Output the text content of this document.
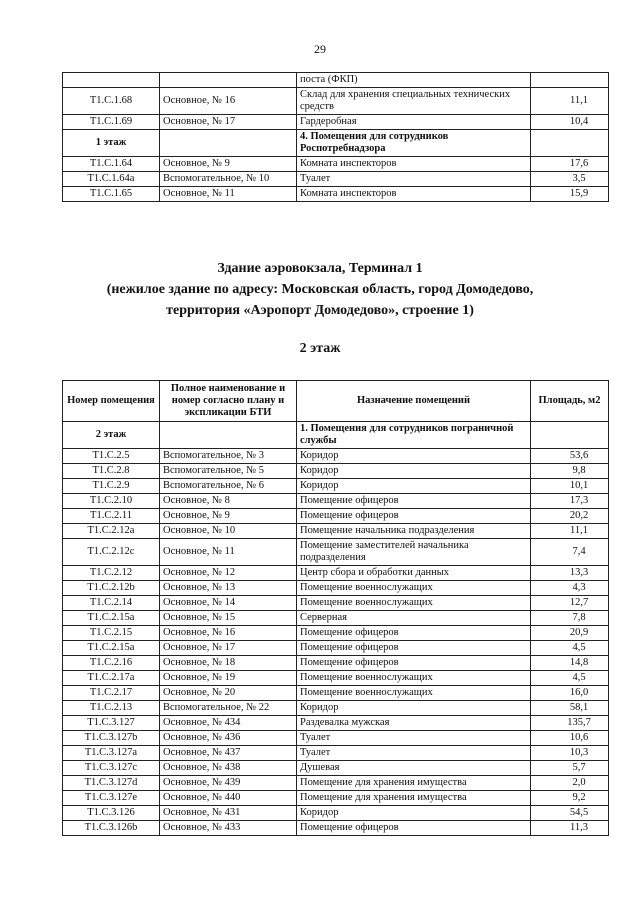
29
		поста (ФКП)	
Т1.С.1.68	Основное, № 16	Склад для хранения специальных технических средств	11,1
Т1.С.1.69	Основное, № 17	Гардеробная	10,4
1 этаж		4. Помещения для сотрудников Роспотребнадзора	
Т1.С.1.64	Основное, № 9	Комната инспекторов	17,6
Т1.С.1.64а	Вспомогательное, № 10	Туалет	3,5
Т1.С.1.65	Основное, № 11	Комната инспекторов	15,9
Здание аэровокзала, Терминал 1
(нежилое здание по адресу: Московская область, город Домодедово,
территория «Аэропорт Домодедово», строение 1)
2 этаж
Номер помещения	Полное наименование и номер согласно плану и экспликации БТИ	Назначение помещений	Площадь, м2
2 этаж		1. Помещения для сотрудников пограничной службы	
Т1.С.2.5	Вспомогательное, № 3	Коридор	53,6
Т1.С.2.8	Вспомогательное, № 5	Коридор	9,8
Т1.С.2.9	Вспомогательное, № 6	Коридор	10,1
Т1.С.2.10	Основное, № 8	Помещение офицеров	17,3
Т1.С.2.11	Основное, № 9	Помещение офицеров	20,2
Т1.С.2.12а	Основное, № 10	Помещение начальника подразделения	11,1
Т1.С.2.12с	Основное, № 11	Помещение заместителей начальника подразделения	7,4
Т1.С.2.12	Основное, № 12	Центр сбора и обработки данных	13,3
Т1.С.2.12b	Основное, № 13	Помещение военнослужащих	4,3
Т1.С.2.14	Основное, № 14	Помещение военнослужащих	12,7
Т1.С.2.15а	Основное, № 15	Серверная	7,8
Т1.С.2.15	Основное, № 16	Помещение офицеров	20,9
Т1.С.2.15а	Основное, № 17	Помещение офицеров	4,5
Т1.С.2.16	Основное, № 18	Помещение офицеров	14,8
Т1.С.2.17а	Основное, № 19	Помещение военнослужащих	4,5
Т1.С.2.17	Основное, № 20	Помещение военнослужащих	16,0
Т1.С.2.13	Вспомогательное, № 22	Коридор	58,1
Т1.С.3.127	Основное, № 434	Раздевалка мужская	135,7
Т1.С.3.127b	Основное, № 436	Туалет	10,6
Т1.С.3.127а	Основное, № 437	Туалет	10,3
Т1.С.3.127с	Основное, № 438	Душевая	5,7
Т1.С.3.127d	Основное, № 439	Помещение для хранения имущества	2,0
Т1.С.3.127е	Основное, № 440	Помещение для хранения имущества	9,2
Т1.С.3.126	Основное, № 431	Коридор	54,5
Т1.С.3.126b	Основное, № 433	Помещение офицеров	11,3
